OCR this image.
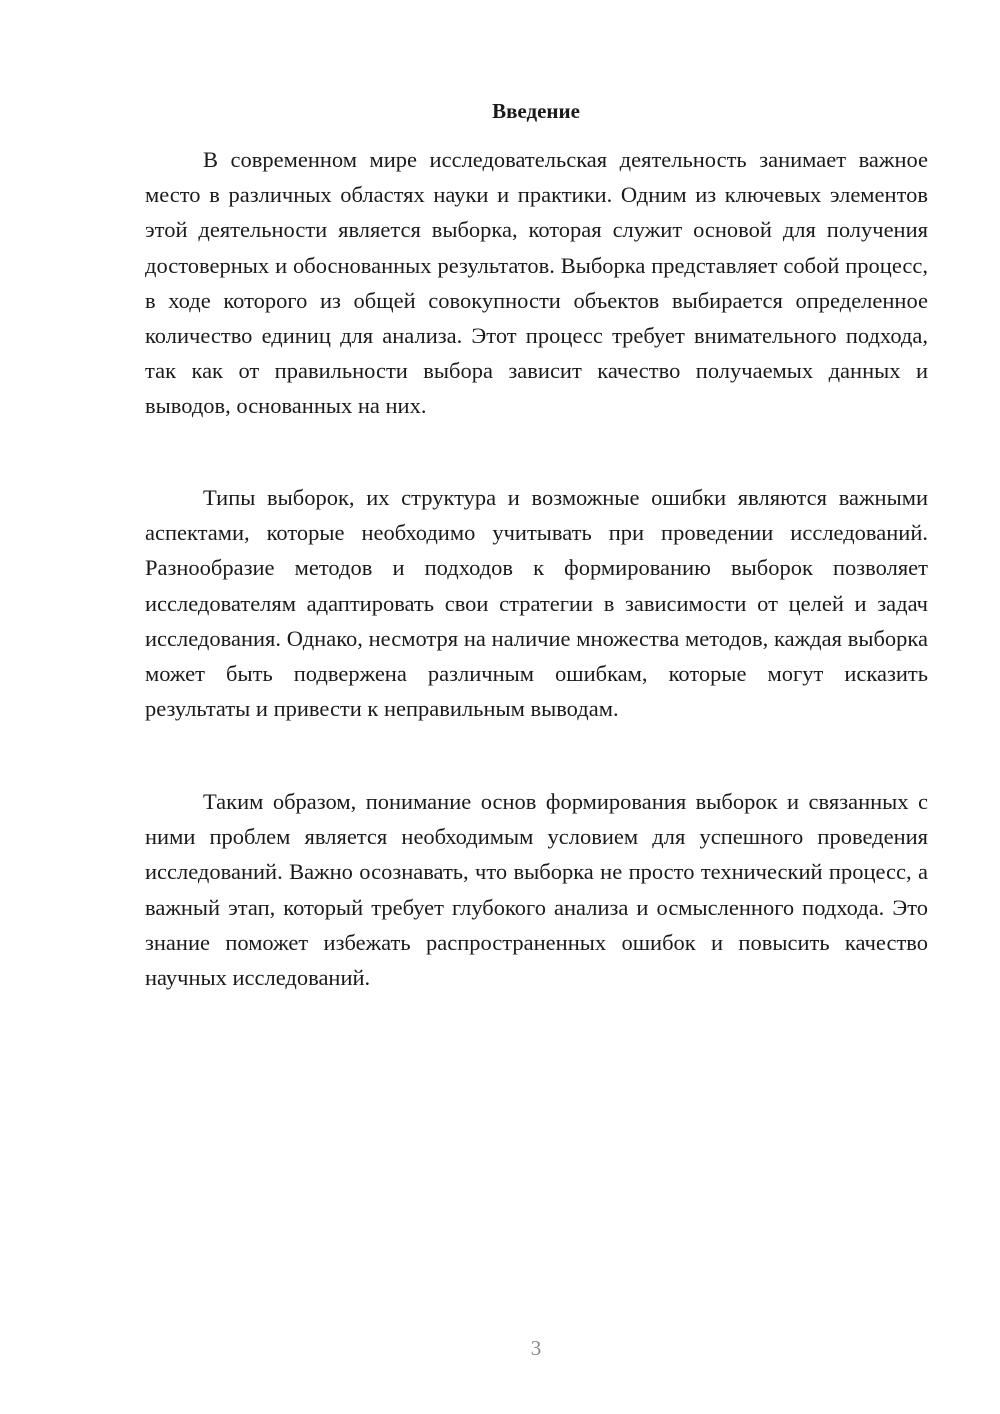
Введение

В современном мире исследовательская деятельность занимает важное место в различных областях науки и практики. Одним из ключевых элементов этой деятельности является выборка, которая служит основой для получения достоверных и обоснованных результатов. Выборка представляет собой процесс, в ходе которого из общей совокупности объектов выбирается определенное количество единиц для анализа. Этот процесс требует внимательного подхода, так как от правильности выбора зависит качество получаемых данных и выводов, основанных на них.

Типы выборок, их структура и возможные ошибки являются важными аспектами, которые необходимо учитывать при проведении исследований. Разнообразие методов и подходов к формированию выборок позволяет исследователям адаптировать свои стратегии в зависимости от целей и задач исследования. Однако, несмотря на наличие множества методов, каждая выборка может быть подвержена различным ошибкам, которые могут исказить результаты и привести к неправильным выводам.

Таким образом, понимание основ формирования выборок и связанных с ними проблем является необходимым условием для успешного проведения исследований. Важно осознавать, что выборка не просто технический процесс, а важный этап, который требует глубокого анализа и осмысленного подхода. Это знание поможет избежать распространенных ошибок и повысить качество научных исследований.

3
